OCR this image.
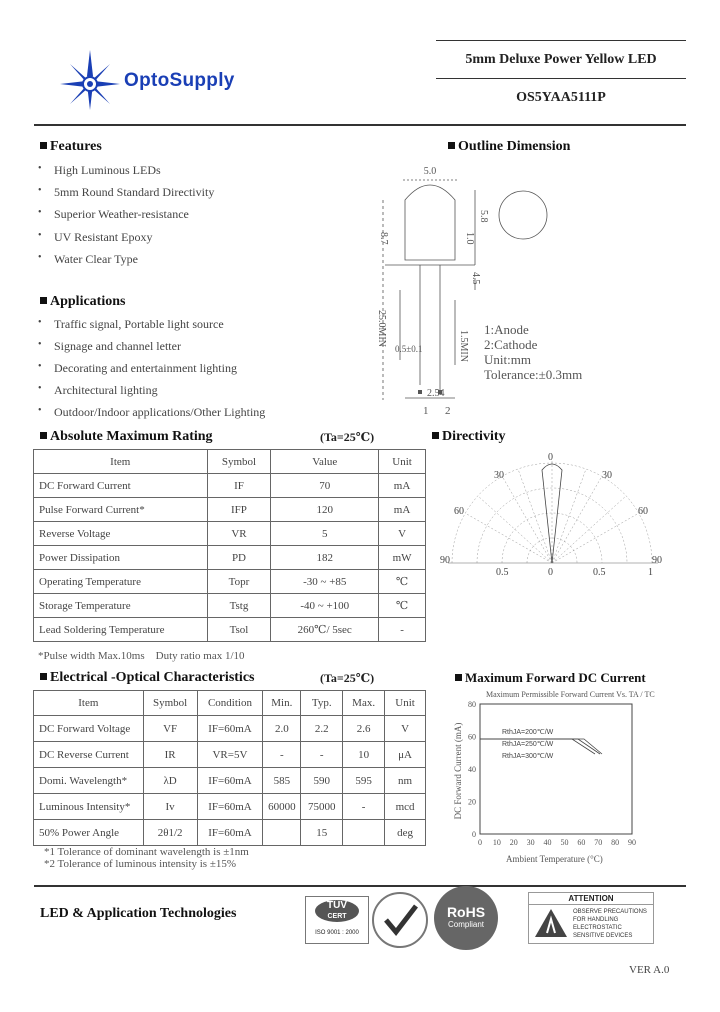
OptoSupply
5mm Deluxe Power Yellow LED
OS5YAA5111P
Features
• High Luminous LEDs
• 5mm Round Standard Directivity
• Superior Weather-resistance
• UV Resistant Epoxy
• Water Clear Type
Applications
• Traffic signal, Portable light source
• Signage and channel letter
• Decorating and entertainment lighting
• Architectural lighting
• Outdoor/Indoor applications/Other Lighting
Outline Dimension
5.0
8.7
5.8
1.0
4.5
25.0MIN
0.5±0.1	1.5MIN
2.54
1 2
1:Anode
2:Cathode
Unit:mm
Tolerance:±0.3mm
Absolute Maximum Rating	(Ta=25℃)
Item	Symbol	Value	Unit
DC Forward Current	IF	70	mA
Pulse Forward Current*	IFP	120	mA
Reverse Voltage	VR	5	V
Power Dissipation	PD	182	mW
Operating Temperature	Topr	-30 ~ +85	℃
Storage Temperature	Tstg	-40 ~ +100	℃
Lead Soldering Temperature	Tsol	260℃/ 5sec	-
*Pulse width Max.10ms    Duty ratio max 1/10
Directivity
0
30	30
60	60
90	90
0.5	0	0.5	1
Electrical -Optical Characteristics	(Ta=25℃)
Item	Symbol	Condition	Min.	Typ.	Max.	Unit
DC Forward Voltage	VF	IF=60mA	2.0	2.2	2.6	V
DC Reverse Current	IR	VR=5V	-	-	10	μA
Domi. Wavelength*	λD	IF=60mA	585	590	595	nm
Luminous Intensity*	Iv	IF=60mA	60000	75000	-	mcd
50% Power Angle	2θ1/2	IF=60mA		15		deg
*1 Tolerance of dominant wavelength is ±1nm
*2 Tolerance of luminous intensity is ±15%
Maximum Forward DC Current
Maximum Permissible Forward Current Vs. TA / TC
DC Forward Current (mA)
0
20
40
60
80
0 10 20 30 40 50 60 70 80 90
RthJA=200℃/W
RthJA=250℃/W
RthJA=300℃/W
Ambient Temperature (°C)
LED & Application Technologies
TÜV
CERT
ISO 9001 : 2000
RoHS
Compliant
ATTENTION
OBSERVE PRECAUTIONS
FOR HANDLING
ELECTROSTATIC
SENSITIVE DEVICES
VER A.0
